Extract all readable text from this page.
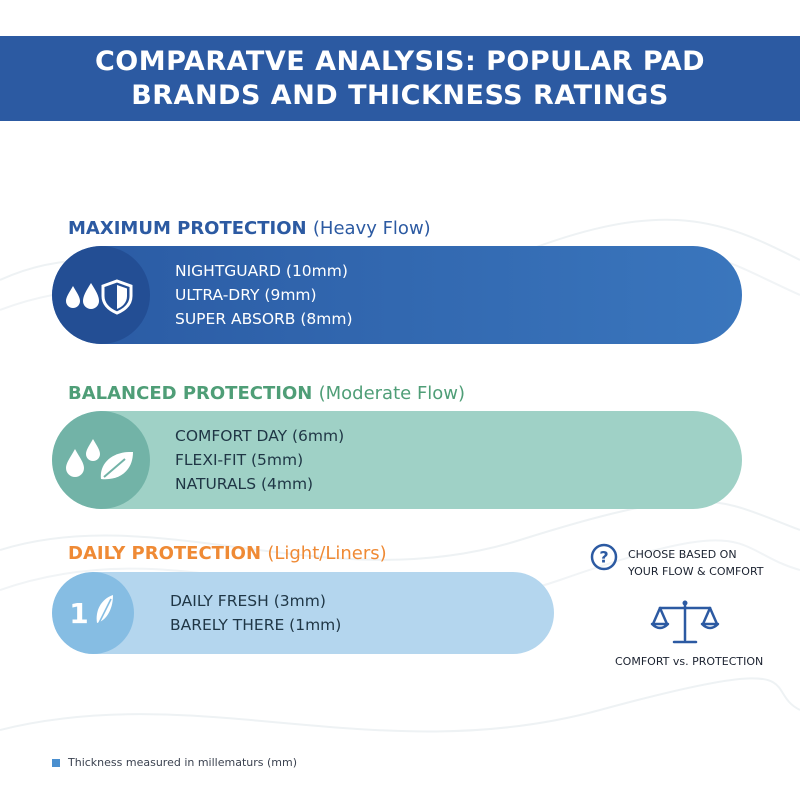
COMPARATVE ANALYSIS: POPULAR PAD
BRANDS AND THICKNESS RATINGS
MAXIMUM PROTECTION (Heavy Flow)
NIGHTGUARD (10mm)
ULTRA-DRY (9mm)
SUPER ABSORB (8mm)
BALANCED PROTECTION (Moderate Flow)
COMFORT DAY (6mm)
FLEXI-FIT (5mm)
NATURALS (4mm)
DAILY PROTECTION (Light/Liners)
1	DAILY FRESH (3mm)
BARELY THERE (1mm)
? CHOOSE BASED ON
YOUR FLOW & COMFORT
COMFORT vs. PROTECTION
Thickness measured in millematurs (mm)
